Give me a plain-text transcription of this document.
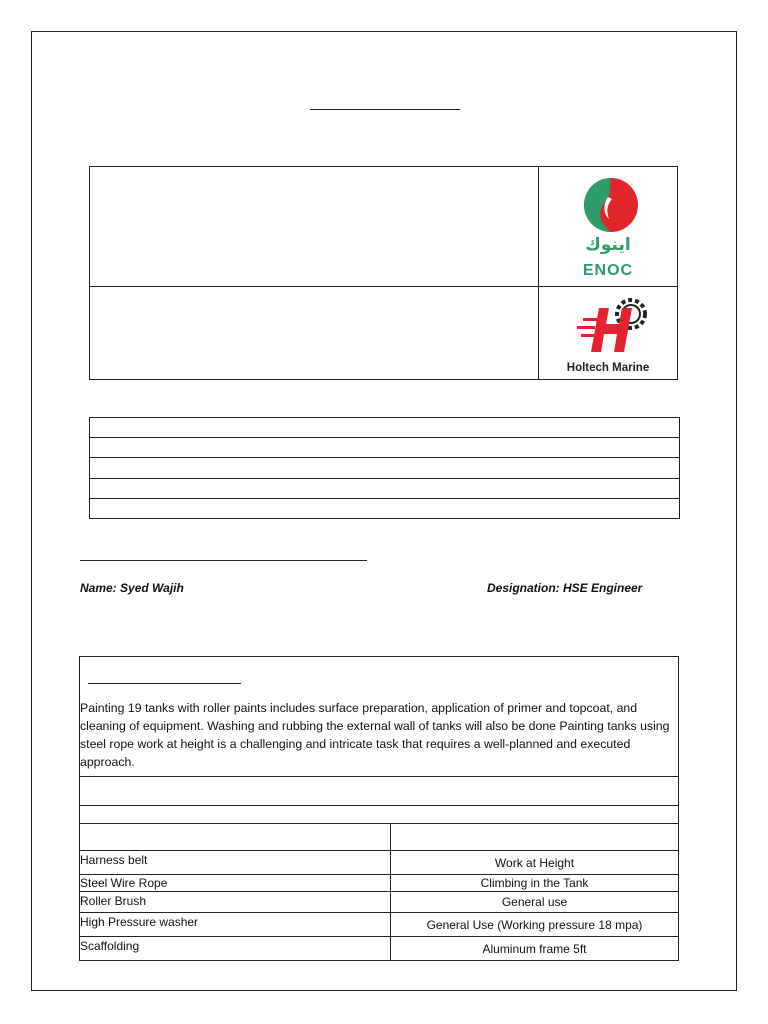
اينوك
ENOC
Holtech Marine
Name: Syed Wajih	Designation: HSE Engineer
Painting 19 tanks with roller paints includes surface preparation, application of primer and topcoat, and cleaning of equipment. Washing and rubbing the external wall of tanks will also be done Painting tanks using steel rope work at height is a challenging and intricate task that requires a well-planned and executed approach.
Harness belt	Work at Height
Steel Wire Rope	Climbing in the Tank
Roller Brush	General use
High Pressure washer	General Use (Working pressure 18 mpa)
Scaffolding	Aluminum frame 5ft
